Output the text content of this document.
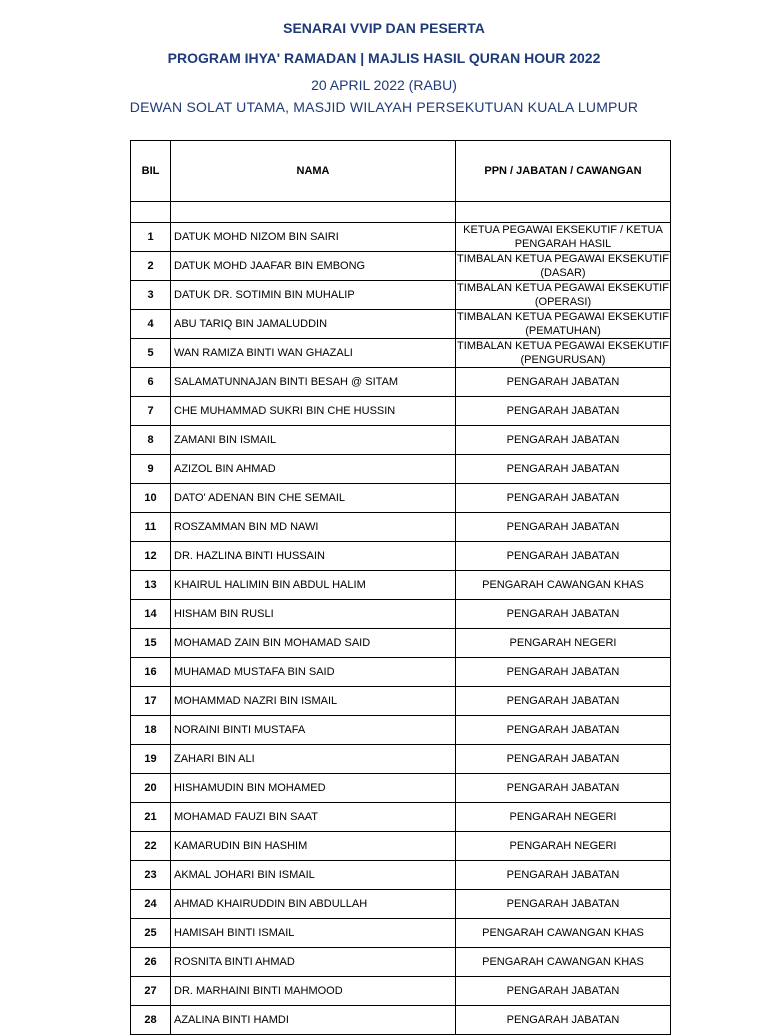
SENARAI VVIP DAN PESERTA
PROGRAM IHYA' RAMADAN | MAJLIS HASIL QURAN HOUR 2022
20 APRIL 2022 (RABU)
DEWAN SOLAT UTAMA, MASJID WILAYAH PERSEKUTUAN KUALA LUMPUR
BIL	NAMA	PPN / JABATAN / CAWANGAN

1	DATUK MOHD NIZOM BIN SAIRI	KETUA PEGAWAI EKSEKUTIF / KETUA PENGARAH HASIL
2	DATUK MOHD JAAFAR BIN EMBONG	TIMBALAN KETUA PEGAWAI EKSEKUTIF (DASAR)
3	DATUK DR. SOTIMIN BIN MUHALIP	TIMBALAN KETUA PEGAWAI EKSEKUTIF (OPERASI)
4	ABU TARIQ BIN JAMALUDDIN	TIMBALAN KETUA PEGAWAI EKSEKUTIF (PEMATUHAN)
5	WAN RAMIZA BINTI WAN GHAZALI	TIMBALAN KETUA PEGAWAI EKSEKUTIF (PENGURUSAN)
6	SALAMATUNNAJAN BINTI BESAH @ SITAM	PENGARAH JABATAN
7	CHE MUHAMMAD SUKRI BIN CHE HUSSIN	PENGARAH JABATAN
8	ZAMANI BIN ISMAIL	PENGARAH JABATAN
9	AZIZOL BIN AHMAD	PENGARAH JABATAN
10	DATO' ADENAN BIN CHE SEMAIL	PENGARAH JABATAN
11	ROSZAMMAN BIN MD NAWI	PENGARAH JABATAN
12	DR. HAZLINA BINTI HUSSAIN	PENGARAH JABATAN
13	KHAIRUL HALIMIN BIN ABDUL HALIM	PENGARAH CAWANGAN KHAS
14	HISHAM BIN RUSLI	PENGARAH JABATAN
15	MOHAMAD ZAIN BIN MOHAMAD SAID	PENGARAH NEGERI
16	MUHAMAD MUSTAFA BIN SAID	PENGARAH JABATAN
17	MOHAMMAD NAZRI BIN ISMAIL	PENGARAH JABATAN
18	NORAINI BINTI MUSTAFA	PENGARAH JABATAN
19	ZAHARI BIN ALI	PENGARAH JABATAN
20	HISHAMUDIN BIN MOHAMED	PENGARAH JABATAN
21	MOHAMAD FAUZI BIN SAAT	PENGARAH NEGERI
22	KAMARUDIN BIN HASHIM	PENGARAH NEGERI
23	AKMAL JOHARI BIN ISMAIL	PENGARAH JABATAN
24	AHMAD KHAIRUDDIN BIN ABDULLAH	PENGARAH JABATAN
25	HAMISAH BINTI ISMAIL	PENGARAH CAWANGAN KHAS
26	ROSNITA BINTI AHMAD	PENGARAH CAWANGAN KHAS
27	DR. MARHAINI BINTI MAHMOOD	PENGARAH JABATAN
28	AZALINA BINTI HAMDI	PENGARAH JABATAN
